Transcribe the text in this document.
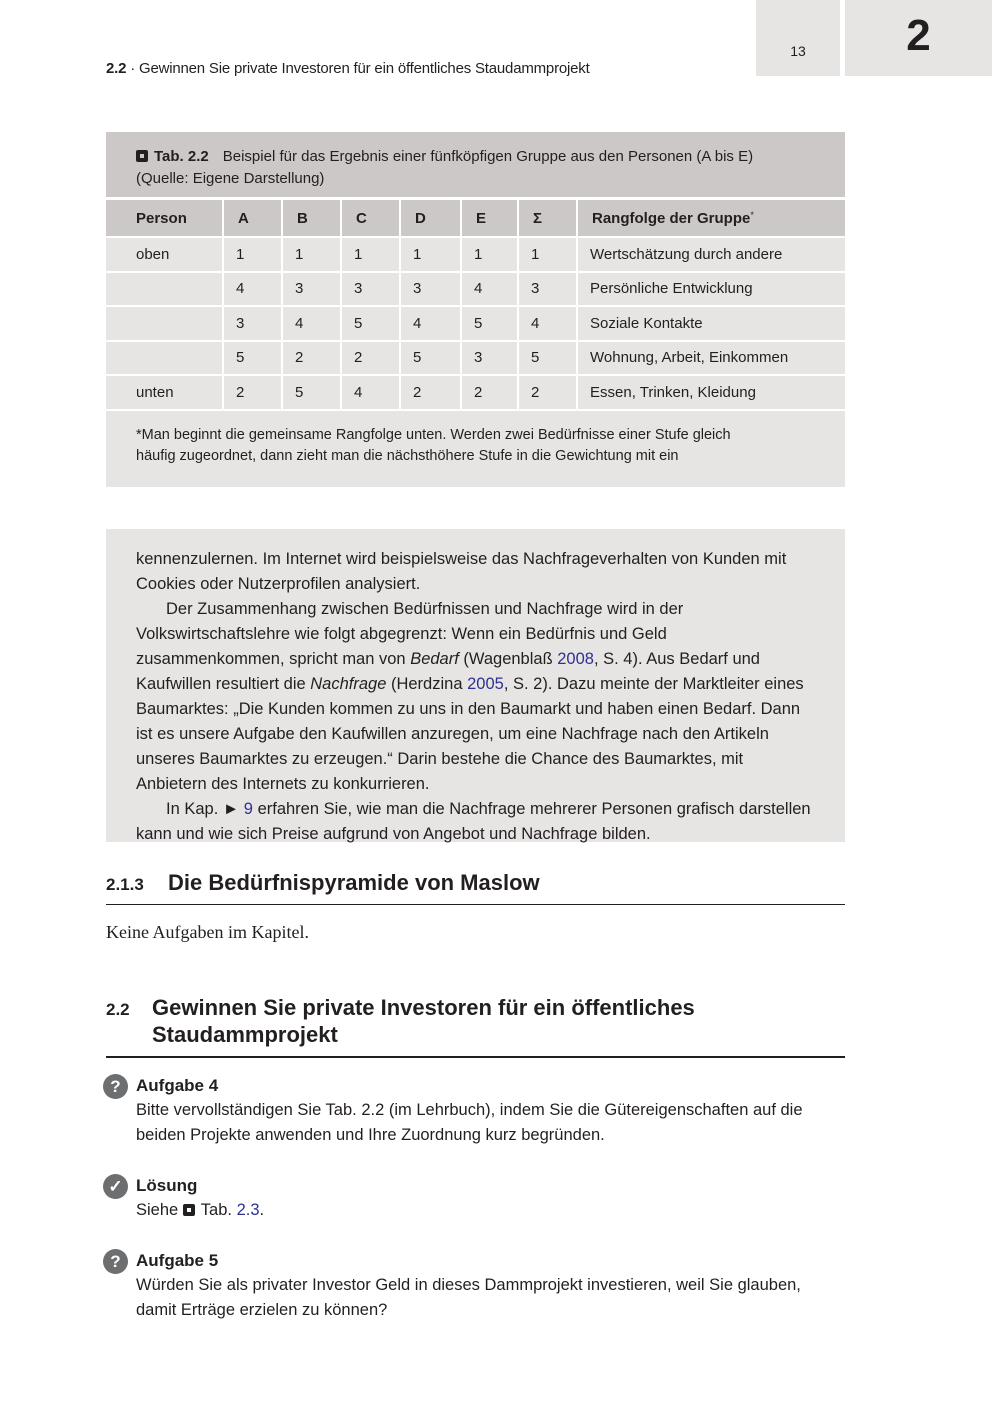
2.2 · Gewinnen Sie private Investoren für ein öffentliches Staudammprojekt
13	2
Tab. 2.2 Beispiel für das Ergebnis einer fünfköpfigen Gruppe aus den Personen (A bis E)
(Quelle: Eigene Darstellung)
Person	A	B	C	D	E	Σ	Rangfolge der Gruppe*
oben	1	1	1	1	1	1	Wertschätzung durch andere
	4	3	3	3	4	3	Persönliche Entwicklung
	3	4	5	4	5	4	Soziale Kontakte
	5	2	2	5	3	5	Wohnung, Arbeit, Einkommen
unten	2	5	4	2	2	2	Essen, Trinken, Kleidung
*Man beginnt die gemeinsame Rangfolge unten. Werden zwei Bedürfnisse einer Stufe gleich
häufig zugeordnet, dann zieht man die nächsthöhere Stufe in die Gewichtung mit ein

kennenzulernen. Im Internet wird beispielsweise das Nachfrageverhalten von Kunden mit Cookies oder Nutzerprofilen analysiert.

Der Zusammenhang zwischen Bedürfnissen und Nachfrage wird in der Volkswirtschaftslehre wie folgt abgegrenzt: Wenn ein Bedürfnis und Geld zusammenkommen, spricht man von Bedarf (Wagenblaß 2008, S. 4). Aus Bedarf und Kaufwillen resultiert die Nachfrage (Herdzina 2005, S. 2). Dazu meinte der Marktleiter eines Baumarktes: „Die Kunden kommen zu uns in den Baumarkt und haben einen Bedarf. Dann ist es unsere Aufgabe den Kaufwillen anzuregen, um eine Nachfrage nach den Artikeln unseres Baumarktes zu erzeugen.“ Darin bestehe die Chance des Baumarktes, mit Anbietern des Internets zu konkurrieren.

In Kap. ► 9 erfahren Sie, wie man die Nachfrage mehrerer Personen grafisch darstellen kann und wie sich Preise aufgrund von Angebot und Nachfrage bilden.

2.1.3 Die Bedürfnispyramide von Maslow
Keine Aufgaben im Kapitel.
2.2 Gewinnen Sie private Investoren für ein öffentliches Staudammprojekt
? Aufgabe 4
Bitte vervollständigen Sie Tab. 2.2 (im Lehrbuch), indem Sie die Gütereigenschaften auf die beiden Projekte anwenden und Ihre Zuordnung kurz begründen.
✓ Lösung
Siehe Tab. 2.3.
? Aufgabe 5
Würden Sie als privater Investor Geld in dieses Dammprojekt investieren, weil Sie glauben, damit Erträge erzielen zu können?
